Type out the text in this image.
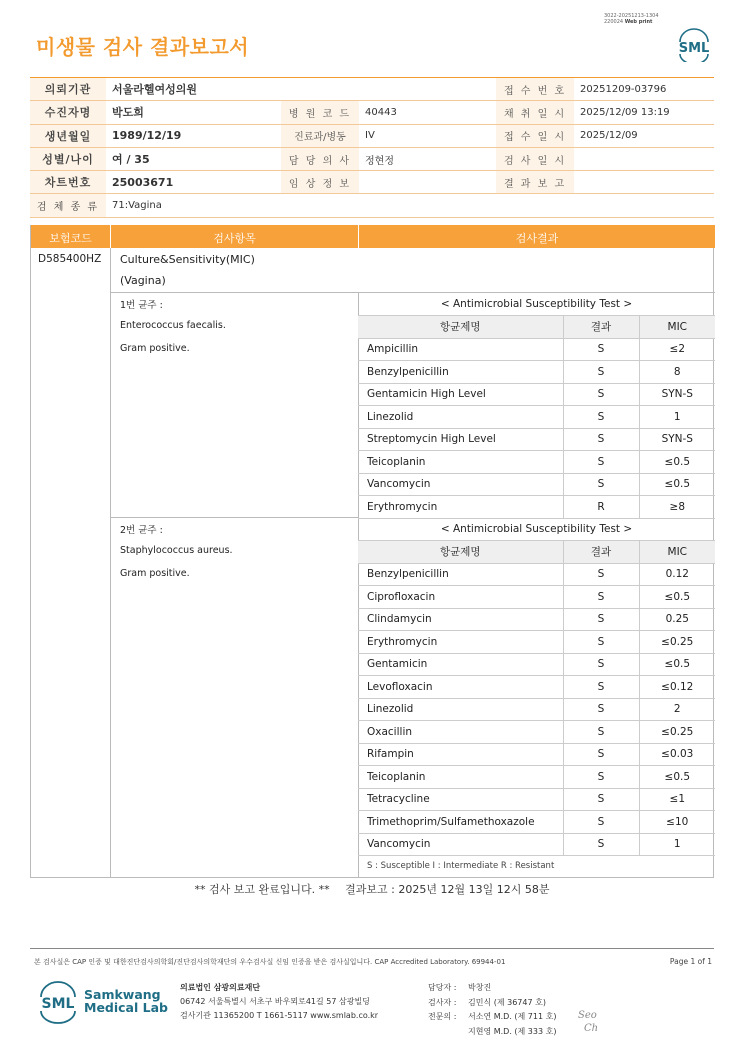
3022-20251213-1304
220024 Web print
미생물 검사 결과보고서	SML
의뢰기관	서울라헬여성의원			접 수 번 호	20251209-03796
수진자명	박도희	병 원 코 드	40443	채 취 일 시	2025/12/09 13:19
생년월일	1989/12/19	진료과/병동	IV	접 수 일 시	2025/12/09
성별/나이	여 / 35	담 당 의 사	정현정	검 사 일 시	
차트번호	25003671	임 상 정 보		결 과 보 고	
검 체 종 류	71:Vagina				
보험코드	검사항목	검사결과
D585400HZ Culture&Sensitivity(MIC)
(Vagina)
1번 균주 :
Enterococcus faecalis.
Gram positive.
2번 균주 :
Staphylococcus aureus.
Gram positive.
< Antimicrobial Susceptibility Test >		
항균제명	결과	MIC
Ampicillin	S	≤2
Benzylpenicillin	S	8
Gentamicin High Level	S	SYN-S
Linezolid	S	1
Streptomycin High Level	S	SYN-S
Teicoplanin	S	≤0.5
Vancomycin	S	≤0.5
Erythromycin	R	≥8
< Antimicrobial Susceptibility Test >		
항균제명	결과	MIC
Benzylpenicillin	S	0.12
Ciprofloxacin	S	≤0.5
Clindamycin	S	0.25
Erythromycin	S	≤0.25
Gentamicin	S	≤0.5
Levofloxacin	S	≤0.12
Linezolid	S	2
Oxacillin	S	≤0.25
Rifampin	S	≤0.03
Teicoplanin	S	≤0.5
Tetracycline	S	≤1
Trimethoprim/Sulfamethoxazole	S	≤10
Vancomycin	S	1
S : Susceptible I : Intermediate R : Resistant		
** 검사 보고 완료입니다. ** 결과보고 : 2025년 12월 13일 12시 58분
본 검사실은 CAP 인증 및 대한진단검사의학회/진단검사의학재단의 우수검사실 신임 인증을 받은 검사실입니다. CAP Accredited Laboratory. 69944-01	Page 1 of 1
SML
Samkwang
Medical Lab
의료법인 삼광의료재단
06742 서울특별시 서초구 바우뫼로41길 57 삼광빌딩
검사기관 11365200 T 1661-5117 www.smlab.co.kr
담당자 :	박창진
검사자 :	김민식 (제 36747 호)
전문의 :	서소연 M.D. (제 711 호)
지현영 M.D. (제 333 호)
Seo
Ch
